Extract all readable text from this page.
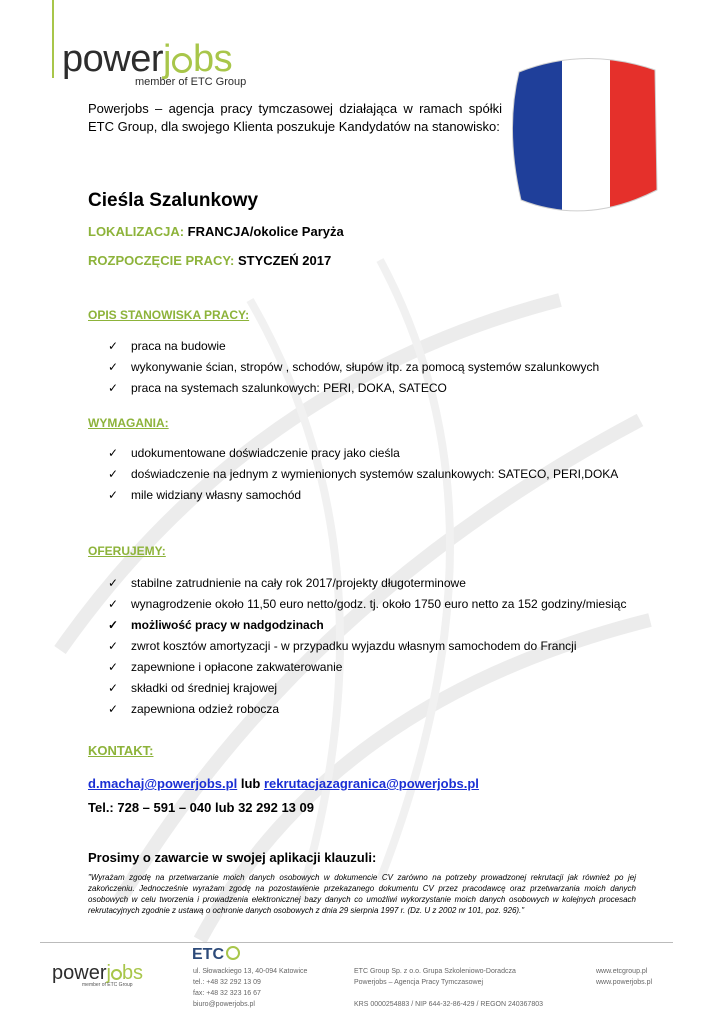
powerj bs
member of ETC Group
Powerjobs – agencja pracy tymczasowej działająca w ramach spółki ETC Group, dla swojego Klienta poszukuje Kandydatów na stanowisko:
Cieśla Szalunkowy
LOKALIZACJA: FRANCJA/okolice Paryża
ROZPOCZĘCIE PRACY: STYCZEŃ 2017
OPIS STANOWISKA PRACY:
✓ praca na budowie
✓ wykonywanie ścian, stropów , schodów, słupów itp. za pomocą systemów szalunkowych
✓ praca na systemach szalunkowych: PERI, DOKA, SATECO
WYMAGANIA:
✓ udokumentowane doświadczenie pracy jako cieśla
✓ doświadczenie na jednym z wymienionych systemów szalunkowych: SATECO, PERI,DOKA
✓ mile widziany własny samochód
OFERUJEMY:
✓ stabilne zatrudnienie na cały rok 2017/projekty długoterminowe
✓ wynagrodzenie około 11,50 euro netto/godz. tj. około 1750 euro netto za 152 godziny/miesiąc
✓ możliwość pracy w nadgodzinach
✓ zwrot kosztów amortyzacji - w przypadku wyjazdu własnym samochodem do Francji
✓ zapewnione i opłacone zakwaterowanie
✓ składki od średniej krajowej
✓ zapewniona odzież robocza
KONTAKT:
d.machaj@powerjobs.pl lub rekrutacjazagranica@powerjobs.pl
Tel.: 728 – 591 – 040 lub 32 292 13 09
Prosimy o zawarcie w swojej aplikacji klauzuli:
"Wyrażam zgodę na przetwarzanie moich danych osobowych w dokumencie CV zarówno na potrzeby prowadzonej rekrutacji jak również po jej zakończeniu. Jednocześnie wyrażam zgodę na pozostawienie przekazanego dokumentu CV przez pracodawcę oraz przetwarzania moich danych osobowych w celu tworzenia i prowadzenia elektronicznej bazy danych co umożliwi wykorzystanie moich danych osobowych w kolejnych procesach rekrutacyjnych zgodnie z ustawą o ochronie danych osobowych z dnia 29 sierpnia 1997 r. (Dz. U z 2002 nr 101, poz. 926)."
ETC
powerj bs
member of ETC Group
ul. Słowackiego 13, 40-094 Katowice
tel.: +48 32 292 13 09
fax: +48 32 323 16 67
biuro@powerjobs.pl
ETC Group Sp. z o.o. Grupa Szkoleniowo-Doradcza
Powerjobs – Agencja Pracy Tymczasowej

KRS 0000254883 / NIP 644-32-86-429 / REGON 240367803
www.etcgroup.pl
www.powerjobs.pl
